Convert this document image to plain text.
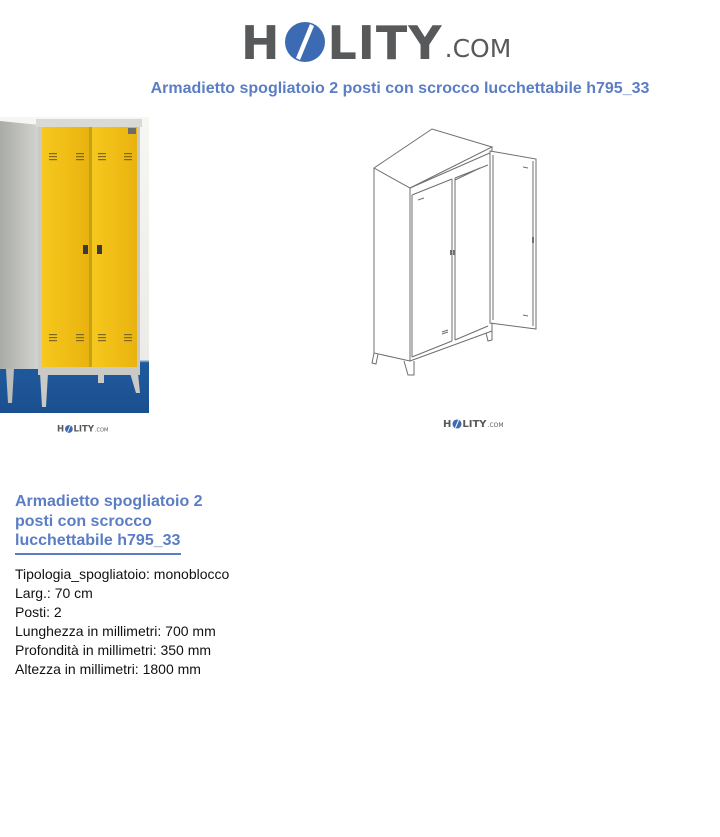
H LITY .COM
Armadietto spogliatoio 2 posti con scrocco lucchettabile h795_33
H LITY .COM
H LITY .COM
Armadietto spogliatoio 2 posti con scrocco lucchettabile h795_33
Tipologia_spogliatoio: monoblocco
Larg.: 70 cm
Posti: 2
Lunghezza in millimetri: 700 mm
Profondità in millimetri: 350 mm
Altezza in millimetri: 1800 mm
